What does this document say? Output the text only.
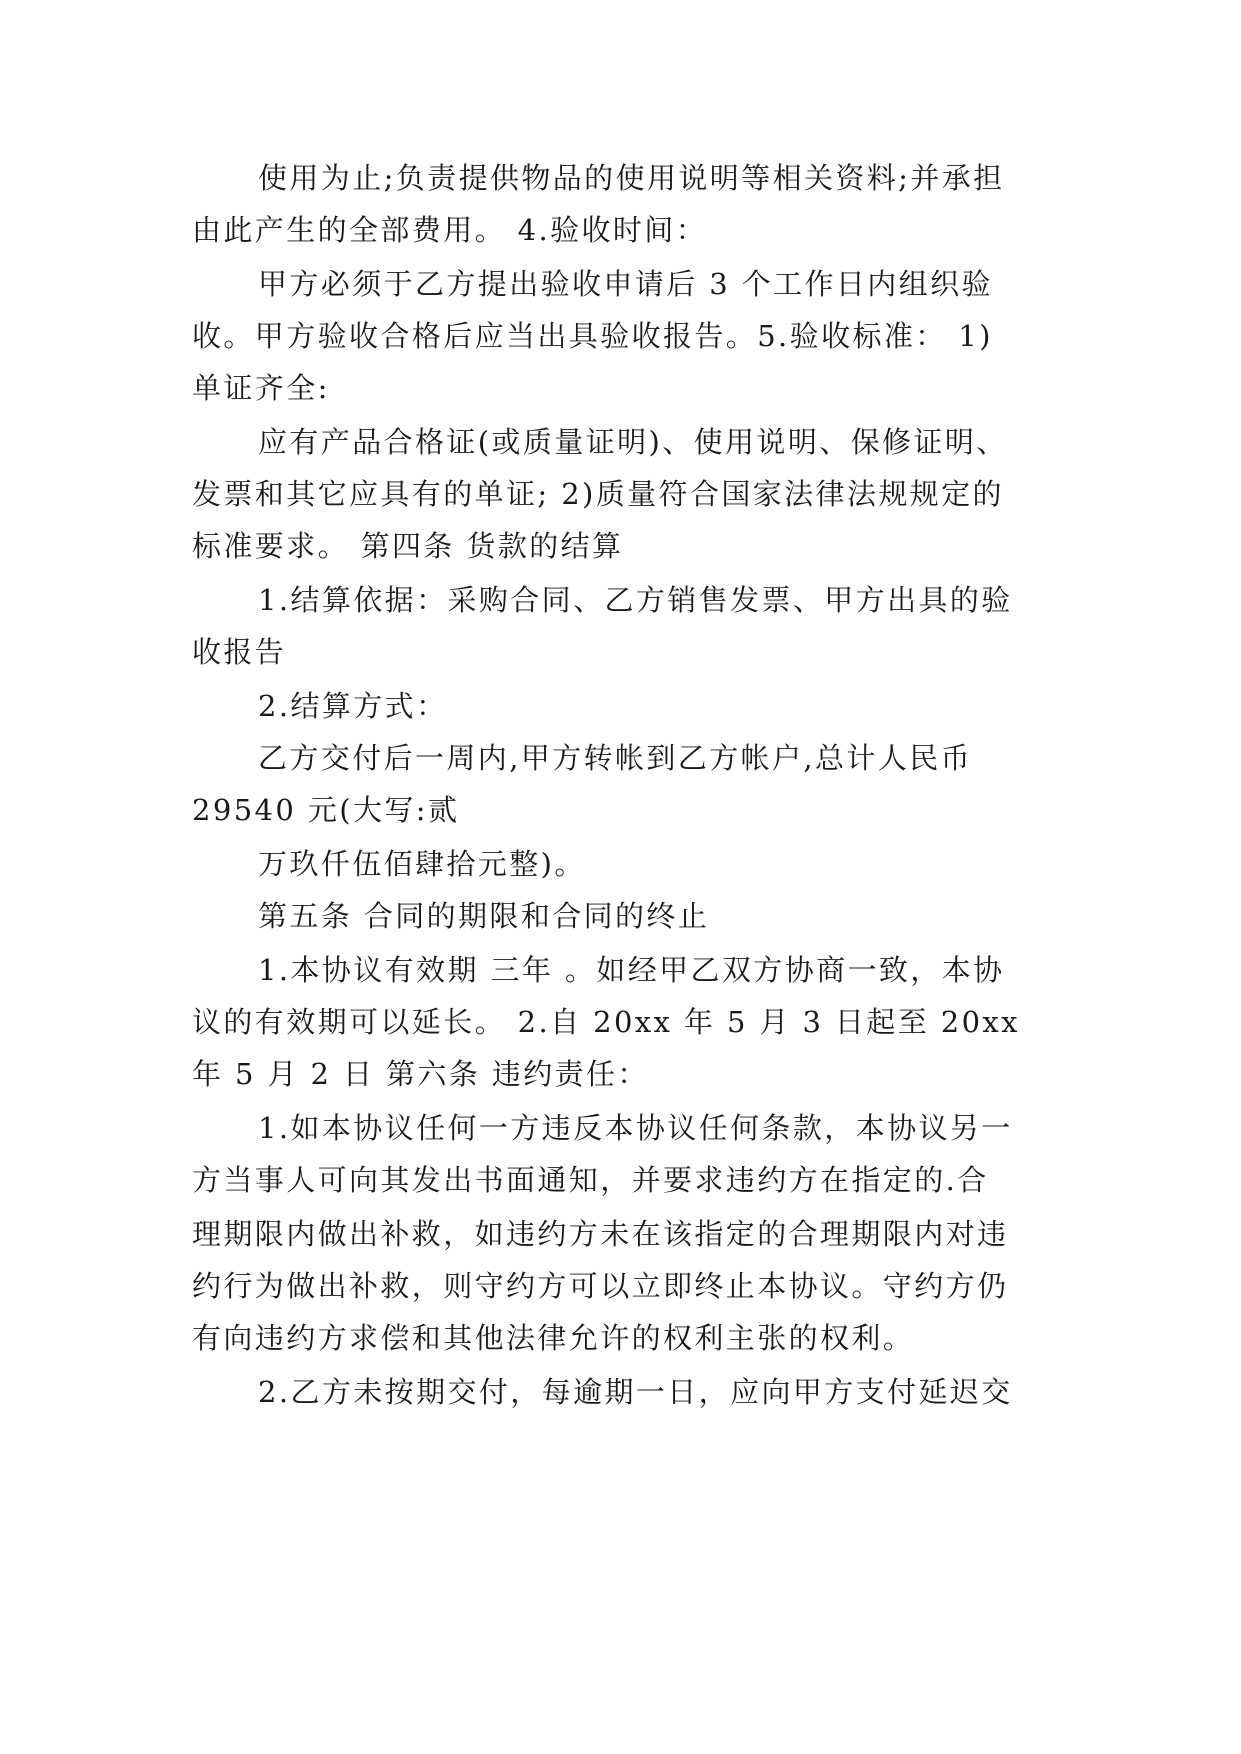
使用为止;负责提供物品的使用说明等相关资料;并承担
由此产生的全部费用。 4.验收时间：
甲方必须于乙方提出验收申请后 3 个工作日内组织验
收。甲方验收合格后应当出具验收报告。5.验收标准： 1)
单证齐全:
应有产品合格证(或质量证明)、使用说明、保修证明、
发票和其它应具有的单证; 2)质量符合国家法律法规规定的
标准要求。 第四条 货款的结算
1.结算依据：采购合同、乙方销售发票、甲方出具的验
收报告
2.结算方式：
乙方交付后一周内,甲方转帐到乙方帐户,总计人民币
29540 元(大写:贰
万玖仟伍佰肆拾元整)。
第五条 合同的期限和合同的终止
1.本协议有效期 三年 。如经甲乙双方协商一致，本协
议的有效期可以延长。 2.自 20xx 年 5 月 3 日起至 20xx
年 5 月 2 日 第六条 违约责任：
1.如本协议任何一方违反本协议任何条款，本协议另一
方当事人可向其发出书面通知，并要求违约方在指定的.合
理期限内做出补救，如违约方未在该指定的合理期限内对违
约行为做出补救，则守约方可以立即终止本协议。守约方仍
有向违约方求偿和其他法律允许的权利主张的权利。
2.乙方未按期交付，每逾期一日，应向甲方支付延迟交
